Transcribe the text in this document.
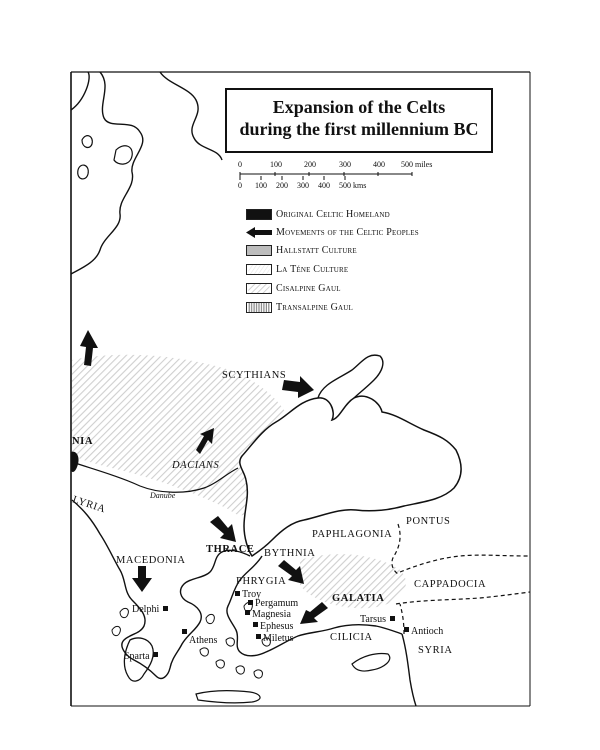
0	100	200	300	400 500 miles
0 100 200 300 400 500 kms
SCYTHIANS
DACIANS
Danube
NIA
LYRIA
MACEDONIA
THRACE BYTHNIA
PAPHLAGONIA
PONTUS
PHRYGIA
GALATIA
CAPPADOCIA
CILICIA
SYRIA
Troy
Pergamum
Magnesia
Ephesus
Miletus
Delphi
Athens
Sparta
Tarsus
Antioch
Expansion of the Celts
during the first millennium BC
Original Celtic Homeland
Movements of the Celtic Peoples
Hallstatt Culture
La Téne Culture
Cisalpine Gaul
Transalpine Gaul
